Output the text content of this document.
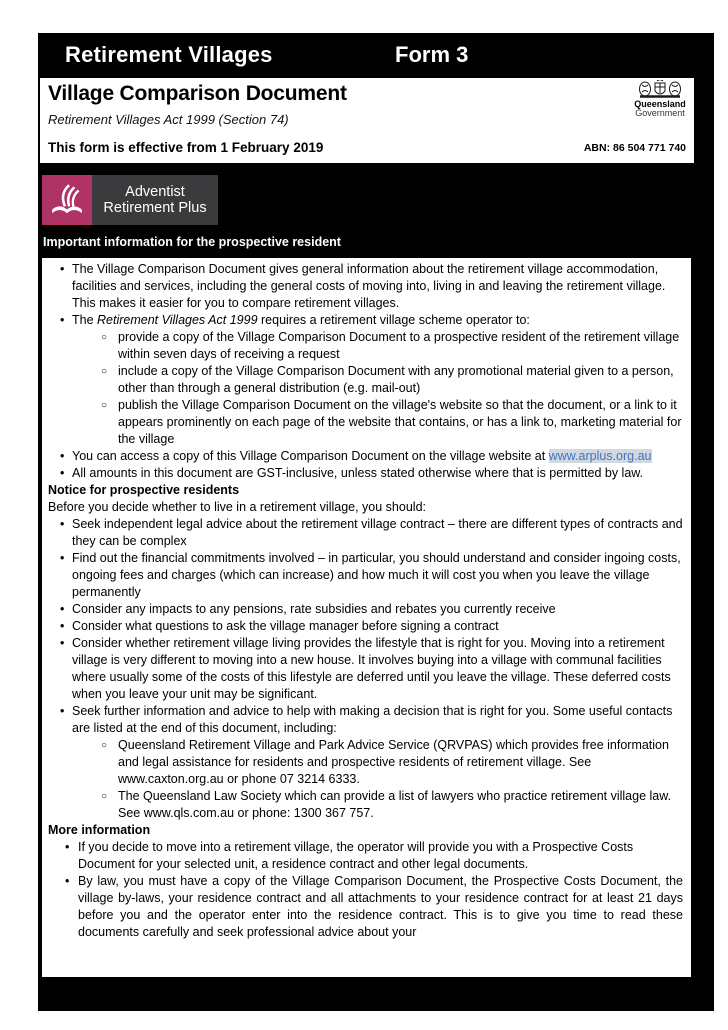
Retirement Villages	Form 3
Village Comparison Document
Retirement Villages Act 1999 (Section 74)
This form is effective from 1 February 2019	ABN: 86 504 771 740
Queensland
Government
Adventist
Retirement Plus
Important information for the prospective resident
• The Village Comparison Document gives general information about the retirement village accommodation, facilities and services, including the general costs of moving into, living in and leaving the retirement village. This makes it easier for you to compare retirement villages.
• The Retirement Villages Act 1999 requires a retirement village scheme operator to:
○ provide a copy of the Village Comparison Document to a prospective resident of the retirement village within seven days of receiving a request
○ include a copy of the Village Comparison Document with any promotional material given to a person, other than through a general distribution (e.g. mail-out)
○ publish the Village Comparison Document on the village's website so that the document, or a link to it appears prominently on each page of the website that contains, or has a link to, marketing material for the village
• You can access a copy of this Village Comparison Document on the village website at www.arplus.org.au
• All amounts in this document are GST-inclusive, unless stated otherwise where that is permitted by law.
Notice for prospective residents
Before you decide whether to live in a retirement village, you should:
• Seek independent legal advice about the retirement village contract – there are different types of contracts and they can be complex
• Find out the financial commitments involved – in particular, you should understand and consider ingoing costs, ongoing fees and charges (which can increase) and how much it will cost you when you leave the village permanently
• Consider any impacts to any pensions, rate subsidies and rebates you currently receive
• Consider what questions to ask the village manager before signing a contract
• Consider whether retirement village living provides the lifestyle that is right for you. Moving into a retirement village is very different to moving into a new house. It involves buying into a village with communal facilities where usually some of the costs of this lifestyle are deferred until you leave the village. These deferred costs when you leave your unit may be significant.
• Seek further information and advice to help with making a decision that is right for you. Some useful contacts are listed at the end of this document, including:
○ Queensland Retirement Village and Park Advice Service (QRVPAS) which provides free information and legal assistance for residents and prospective residents of retirement village. See www.caxton.org.au or phone 07 3214 6333.
○ The Queensland Law Society which can provide a list of lawyers who practice retirement village law. See www.qls.com.au or phone: 1300 367 757.
More information
• If you decide to move into a retirement village, the operator will provide you with a Prospective Costs Document for your selected unit, a residence contract and other legal documents.
• By law, you must have a copy of the Village Comparison Document, the Prospective Costs Document, the village by-laws, your residence contract and all attachments to your residence contract for at least 21 days before you and the operator enter into the residence contract. This is to give you time to read these documents carefully and seek professional advice about your
